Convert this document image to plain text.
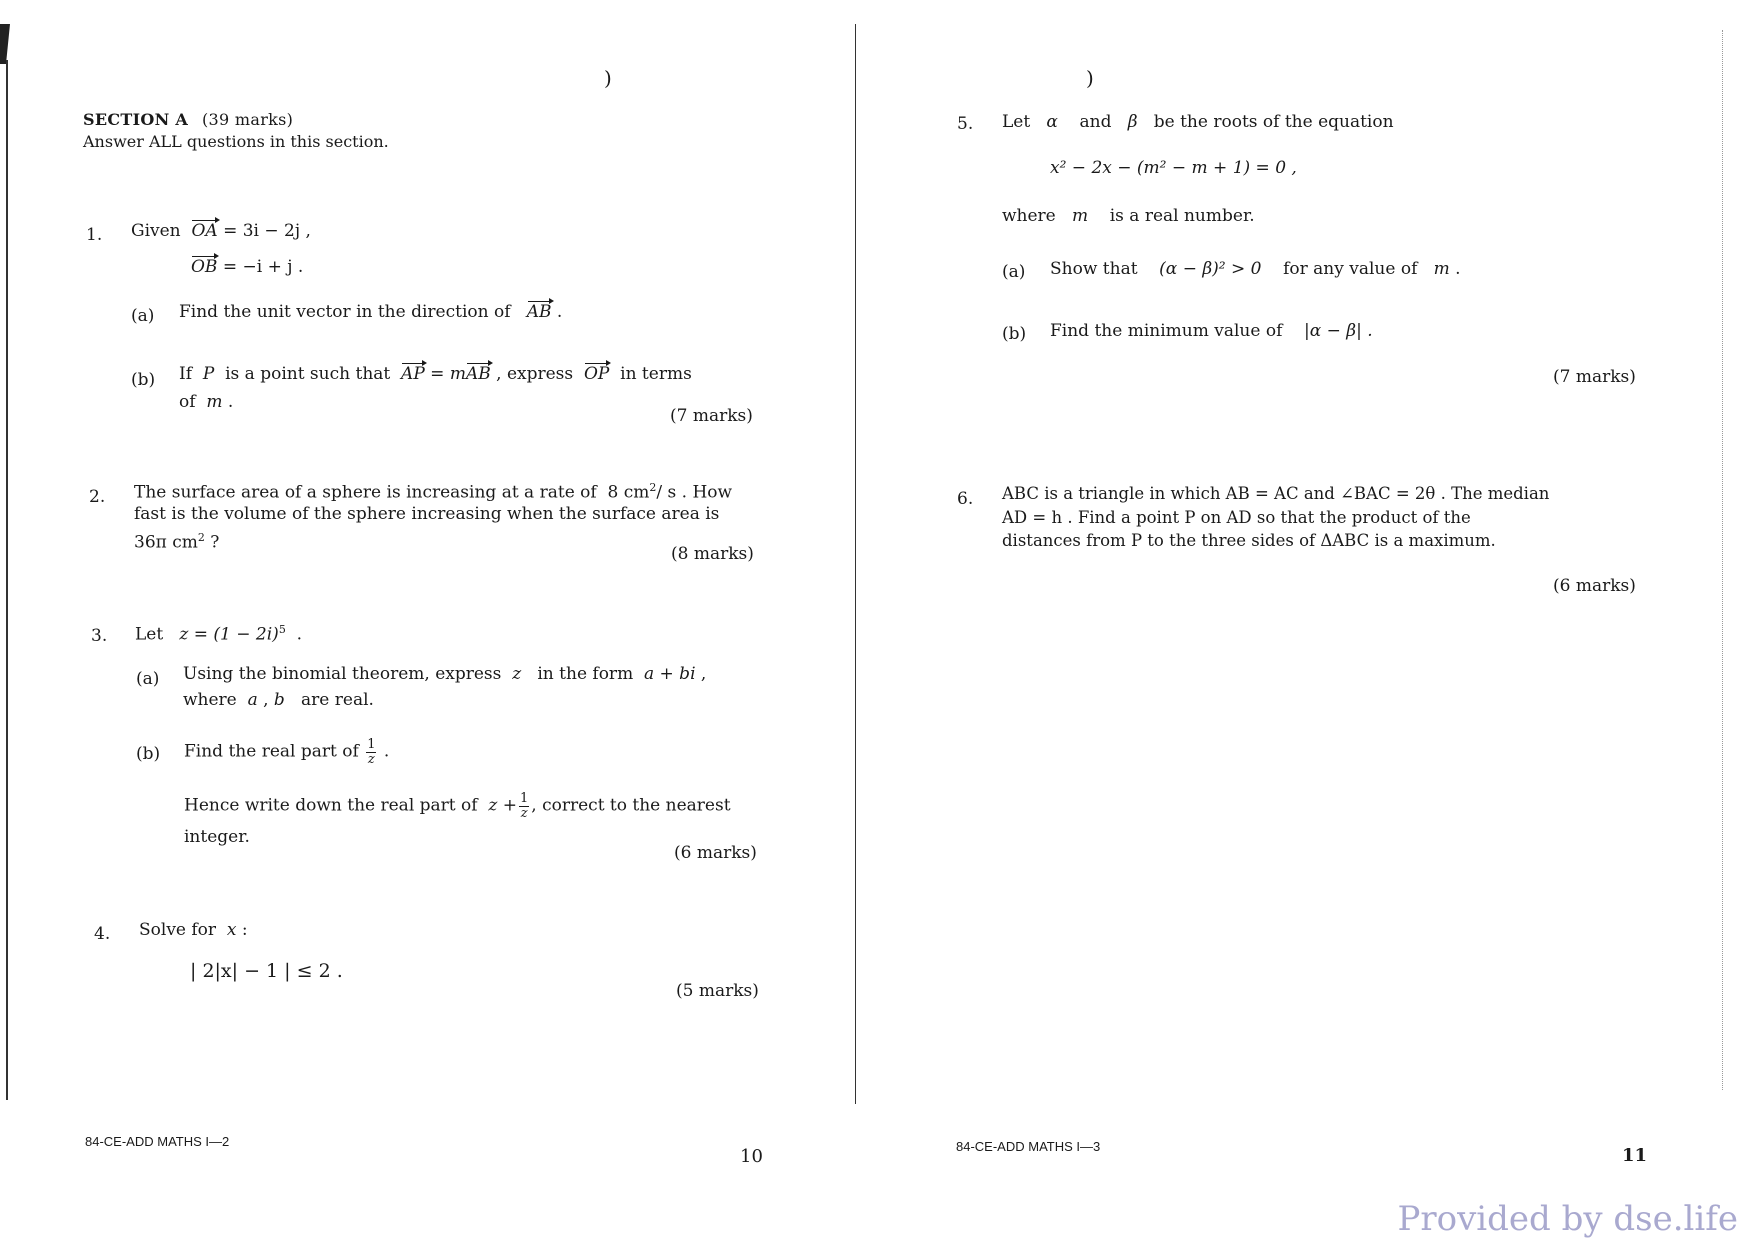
)
SECTION A (39 marks)
Answer ALL questions in this section.
1. Given OA = 3i − 2j ,
OB = −i + j .
(a) Find the unit vector in the direction of AB .
(b) If P is a point such that AP = mAB , express OP in terms
of m .
(7 marks)
2. The surface area of a sphere is increasing at a rate of 8 $cm^2/$ s . How
fast is the volume of the sphere increasing when the surface area is
36π $cm^2$ ?
(8 marks)
3. Let $z = (1 - 2i)^5$ .
(a) Using the binomial theorem, express z in the form a + bi ,
where a , b are real.
(b) Find the real part of $\frac{1}{z}$ .
Hence write down the real part of $z + \frac{1}{z}$ , correct to the nearest
integer.
(6 marks)
4. Solve for x :
| 2|x| − 1 | ≤ 2 .
(5 marks)
84-CE-ADD MATHS I—2
10
)
5. Let α and β be the roots of the equation
x² − 2x − (m² − m + 1) = 0 ,
where m is a real number.
(a) Show that (α − β)² > 0 for any value of m .
(b) Find the minimum value of |α − β| .
(7 marks)
6. ABC is a triangle in which AB = AC and ∠BAC = 2θ . The median
AD = h . Find a point P on AD so that the product of the
distances from P to the three sides of ΔABC is a maximum.
(6 marks)
84-CE-ADD MATHS I—3	11
Provided by dse.life
